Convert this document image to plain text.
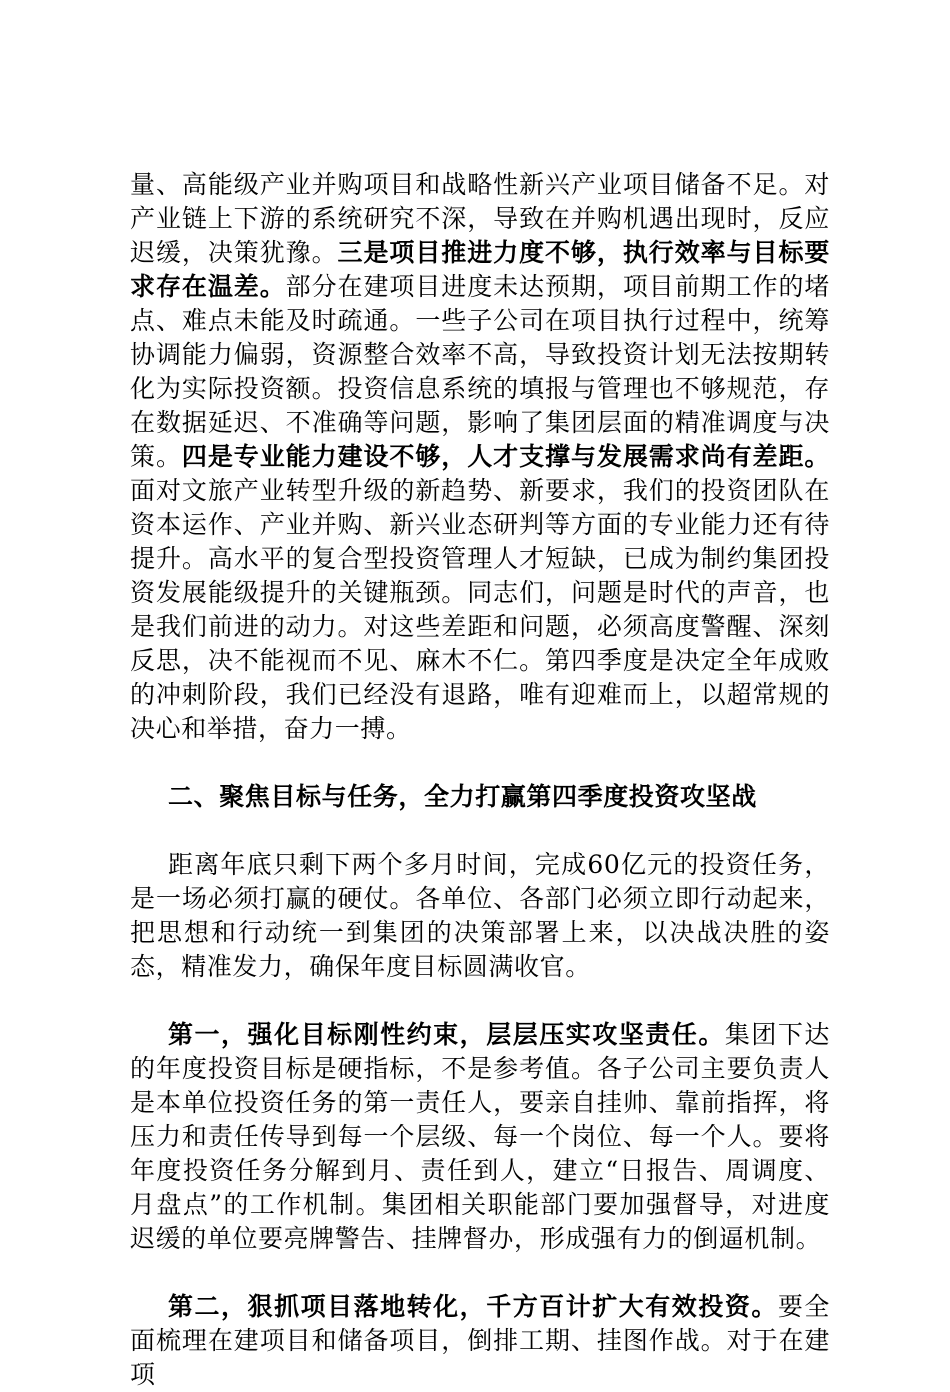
量、高能级产业并购项目和战略性新兴产业项目储备不足。对产业链上下游的系统研究不深，导致在并购机遇出现时，反应迟缓，决策犹豫。三是项目推进力度不够，执行效率与目标要求存在温差。部分在建项目进度未达预期，项目前期工作的堵点、难点未能及时疏通。一些子公司在项目执行过程中，统筹协调能力偏弱，资源整合效率不高，导致投资计划无法按期转化为实际投资额。投资信息系统的填报与管理也不够规范，存在数据延迟、不准确等问题，影响了集团层面的精准调度与决策。四是专业能力建设不够，人才支撑与发展需求尚有差距。面对文旅产业转型升级的新趋势、新要求，我们的投资团队在资本运作、产业并购、新兴业态研判等方面的专业能力还有待提升。高水平的复合型投资管理人才短缺，已成为制约集团投资发展能级提升的关键瓶颈。同志们，问题是时代的声音，也是我们前进的动力。对这些差距和问题，必须高度警醒、深刻反思，决不能视而不见、麻木不仁。第四季度是决定全年成败的冲刺阶段，我们已经没有退路，唯有迎难而上，以超常规的决心和举措，奋力一搏。

二、聚焦目标与任务，全力打赢第四季度投资攻坚战

距离年底只剩下两个多月时间，完成60亿元的投资任务，是一场必须打赢的硬仗。各单位、各部门必须立即行动起来，把思想和行动统一到集团的决策部署上来，以决战决胜的姿态，精准发力，确保年度目标圆满收官。

第一，强化目标刚性约束，层层压实攻坚责任。集团下达的年度投资目标是硬指标，不是参考值。各子公司主要负责人是本单位投资任务的第一责任人，要亲自挂帅、靠前指挥，将压力和责任传导到每一个层级、每一个岗位、每一个人。要将年度投资任务分解到月、责任到人，建立“日报告、周调度、月盘点”的工作机制。集团相关职能部门要加强督导，对进度迟缓的单位要亮牌警告、挂牌督办，形成强有力的倒逼机制。

第二，狠抓项目落地转化，千方百计扩大有效投资。要全面梳理在建项目和储备项目，倒排工期、挂图作战。对于在建项
